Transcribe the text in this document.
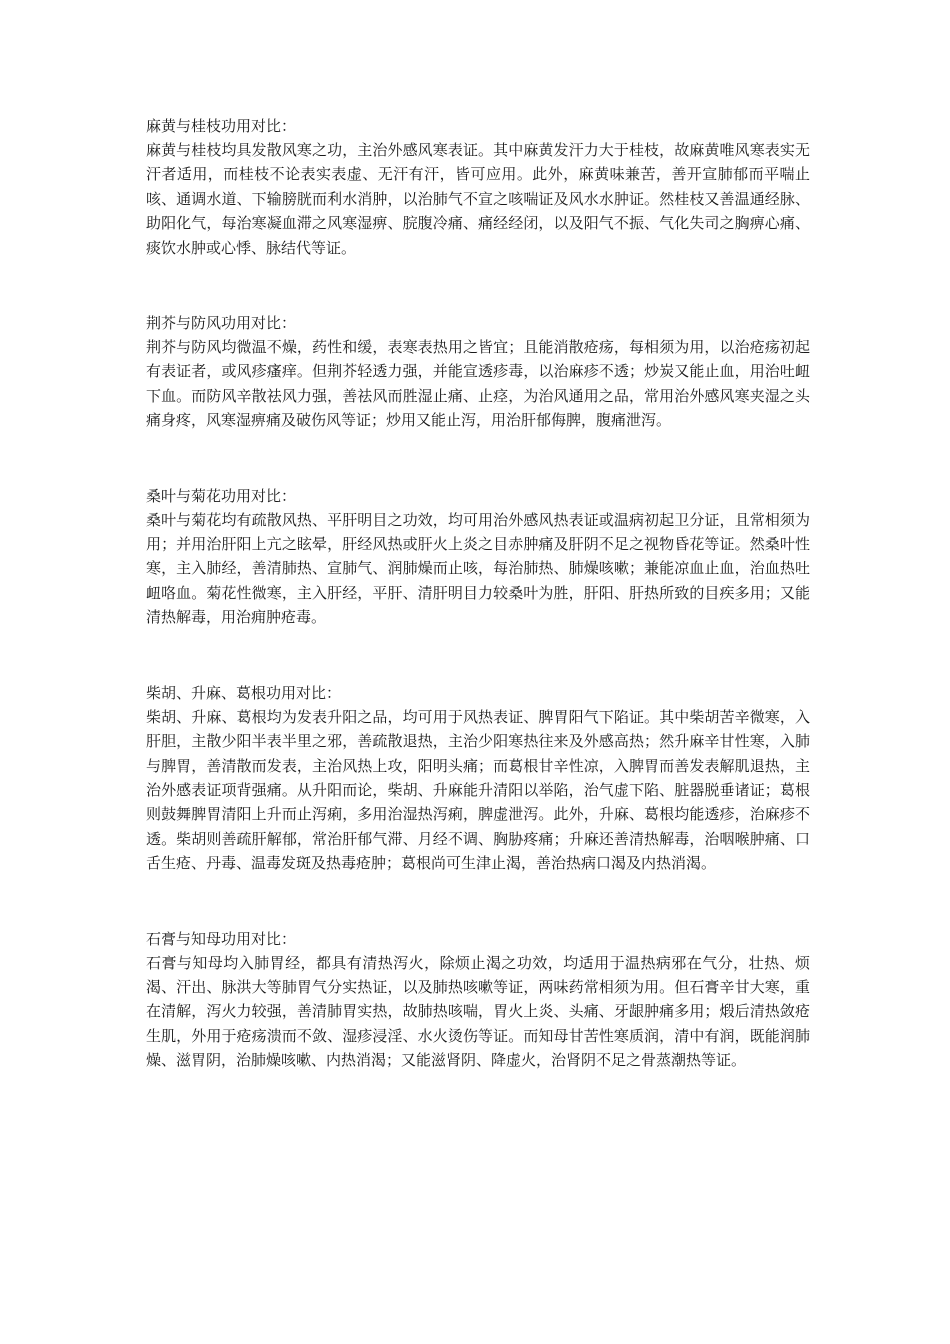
麻黄与桂枝功用对比：

麻黄与桂枝均具发散风寒之功，主治外感风寒表证。其中麻黄发汗力大于桂枝，故麻黄唯风寒表实无汗者适用，而桂枝不论表实表虚、无汗有汗，皆可应用。此外，麻黄味兼苦，善开宣肺郁而平喘止咳、通调水道、下输膀胱而利水消肿，以治肺气不宣之咳喘证及风水水肿证。然桂枝又善温通经脉、助阳化气，每治寒凝血滞之风寒湿痹、脘腹冷痛、痛经经闭，以及阳气不振、气化失司之胸痹心痛、痰饮水肿或心悸、脉结代等证。

荆芥与防风功用对比：

荆芥与防风均微温不燥，药性和缓，表寒表热用之皆宜；且能消散疮疡，每相须为用，以治疮疡初起有表证者，或风疹瘙痒。但荆芥轻透力强，并能宣透疹毒，以治麻疹不透；炒炭又能止血，用治吐衄下血。而防风辛散祛风力强，善祛风而胜湿止痛、止痉，为治风通用之品，常用治外感风寒夹湿之头痛身疼，风寒湿痹痛及破伤风等证；炒用又能止泻，用治肝郁侮脾，腹痛泄泻。

桑叶与菊花功用对比：

桑叶与菊花均有疏散风热、平肝明目之功效，均可用治外感风热表证或温病初起卫分证，且常相须为用；并用治肝阳上亢之眩晕，肝经风热或肝火上炎之目赤肿痛及肝阴不足之视物昏花等证。然桑叶性寒，主入肺经，善清肺热、宣肺气、润肺燥而止咳，每治肺热、肺燥咳嗽；兼能凉血止血，治血热吐衄咯血。菊花性微寒，主入肝经，平肝、清肝明目力较桑叶为胜，肝阳、肝热所致的目疾多用；又能清热解毒，用治痈肿疮毒。

柴胡、升麻、葛根功用对比：

柴胡、升麻、葛根均为发表升阳之品，均可用于风热表证、脾胃阳气下陷证。其中柴胡苦辛微寒，入肝胆，主散少阳半表半里之邪，善疏散退热，主治少阳寒热往来及外感高热；然升麻辛甘性寒，入肺与脾胃，善清散而发表，主治风热上攻，阳明头痛；而葛根甘辛性凉，入脾胃而善发表解肌退热，主治外感表证项背强痛。从升阳而论，柴胡、升麻能升清阳以举陷，治气虚下陷、脏器脱垂诸证；葛根则鼓舞脾胃清阳上升而止泻痢，多用治湿热泻痢，脾虚泄泻。此外，升麻、葛根均能透疹，治麻疹不透。柴胡则善疏肝解郁，常治肝郁气滞、月经不调、胸胁疼痛；升麻还善清热解毒，治咽喉肿痛、口舌生疮、丹毒、温毒发斑及热毒疮肿；葛根尚可生津止渴，善治热病口渴及内热消渴。

石膏与知母功用对比：

石膏与知母均入肺胃经，都具有清热泻火，除烦止渴之功效，均适用于温热病邪在气分，壮热、烦渴、汗出、脉洪大等肺胃气分实热证，以及肺热咳嗽等证，两味药常相须为用。但石膏辛甘大寒，重在清解，泻火力较强，善清肺胃实热，故肺热咳喘，胃火上炎、头痛、牙龈肿痛多用；煅后清热敛疮生肌，外用于疮疡溃而不敛、湿疹浸淫、水火烫伤等证。而知母甘苦性寒质润，清中有润，既能润肺燥、滋胃阴，治肺燥咳嗽、内热消渴；又能滋肾阴、降虚火，治肾阴不足之骨蒸潮热等证。
